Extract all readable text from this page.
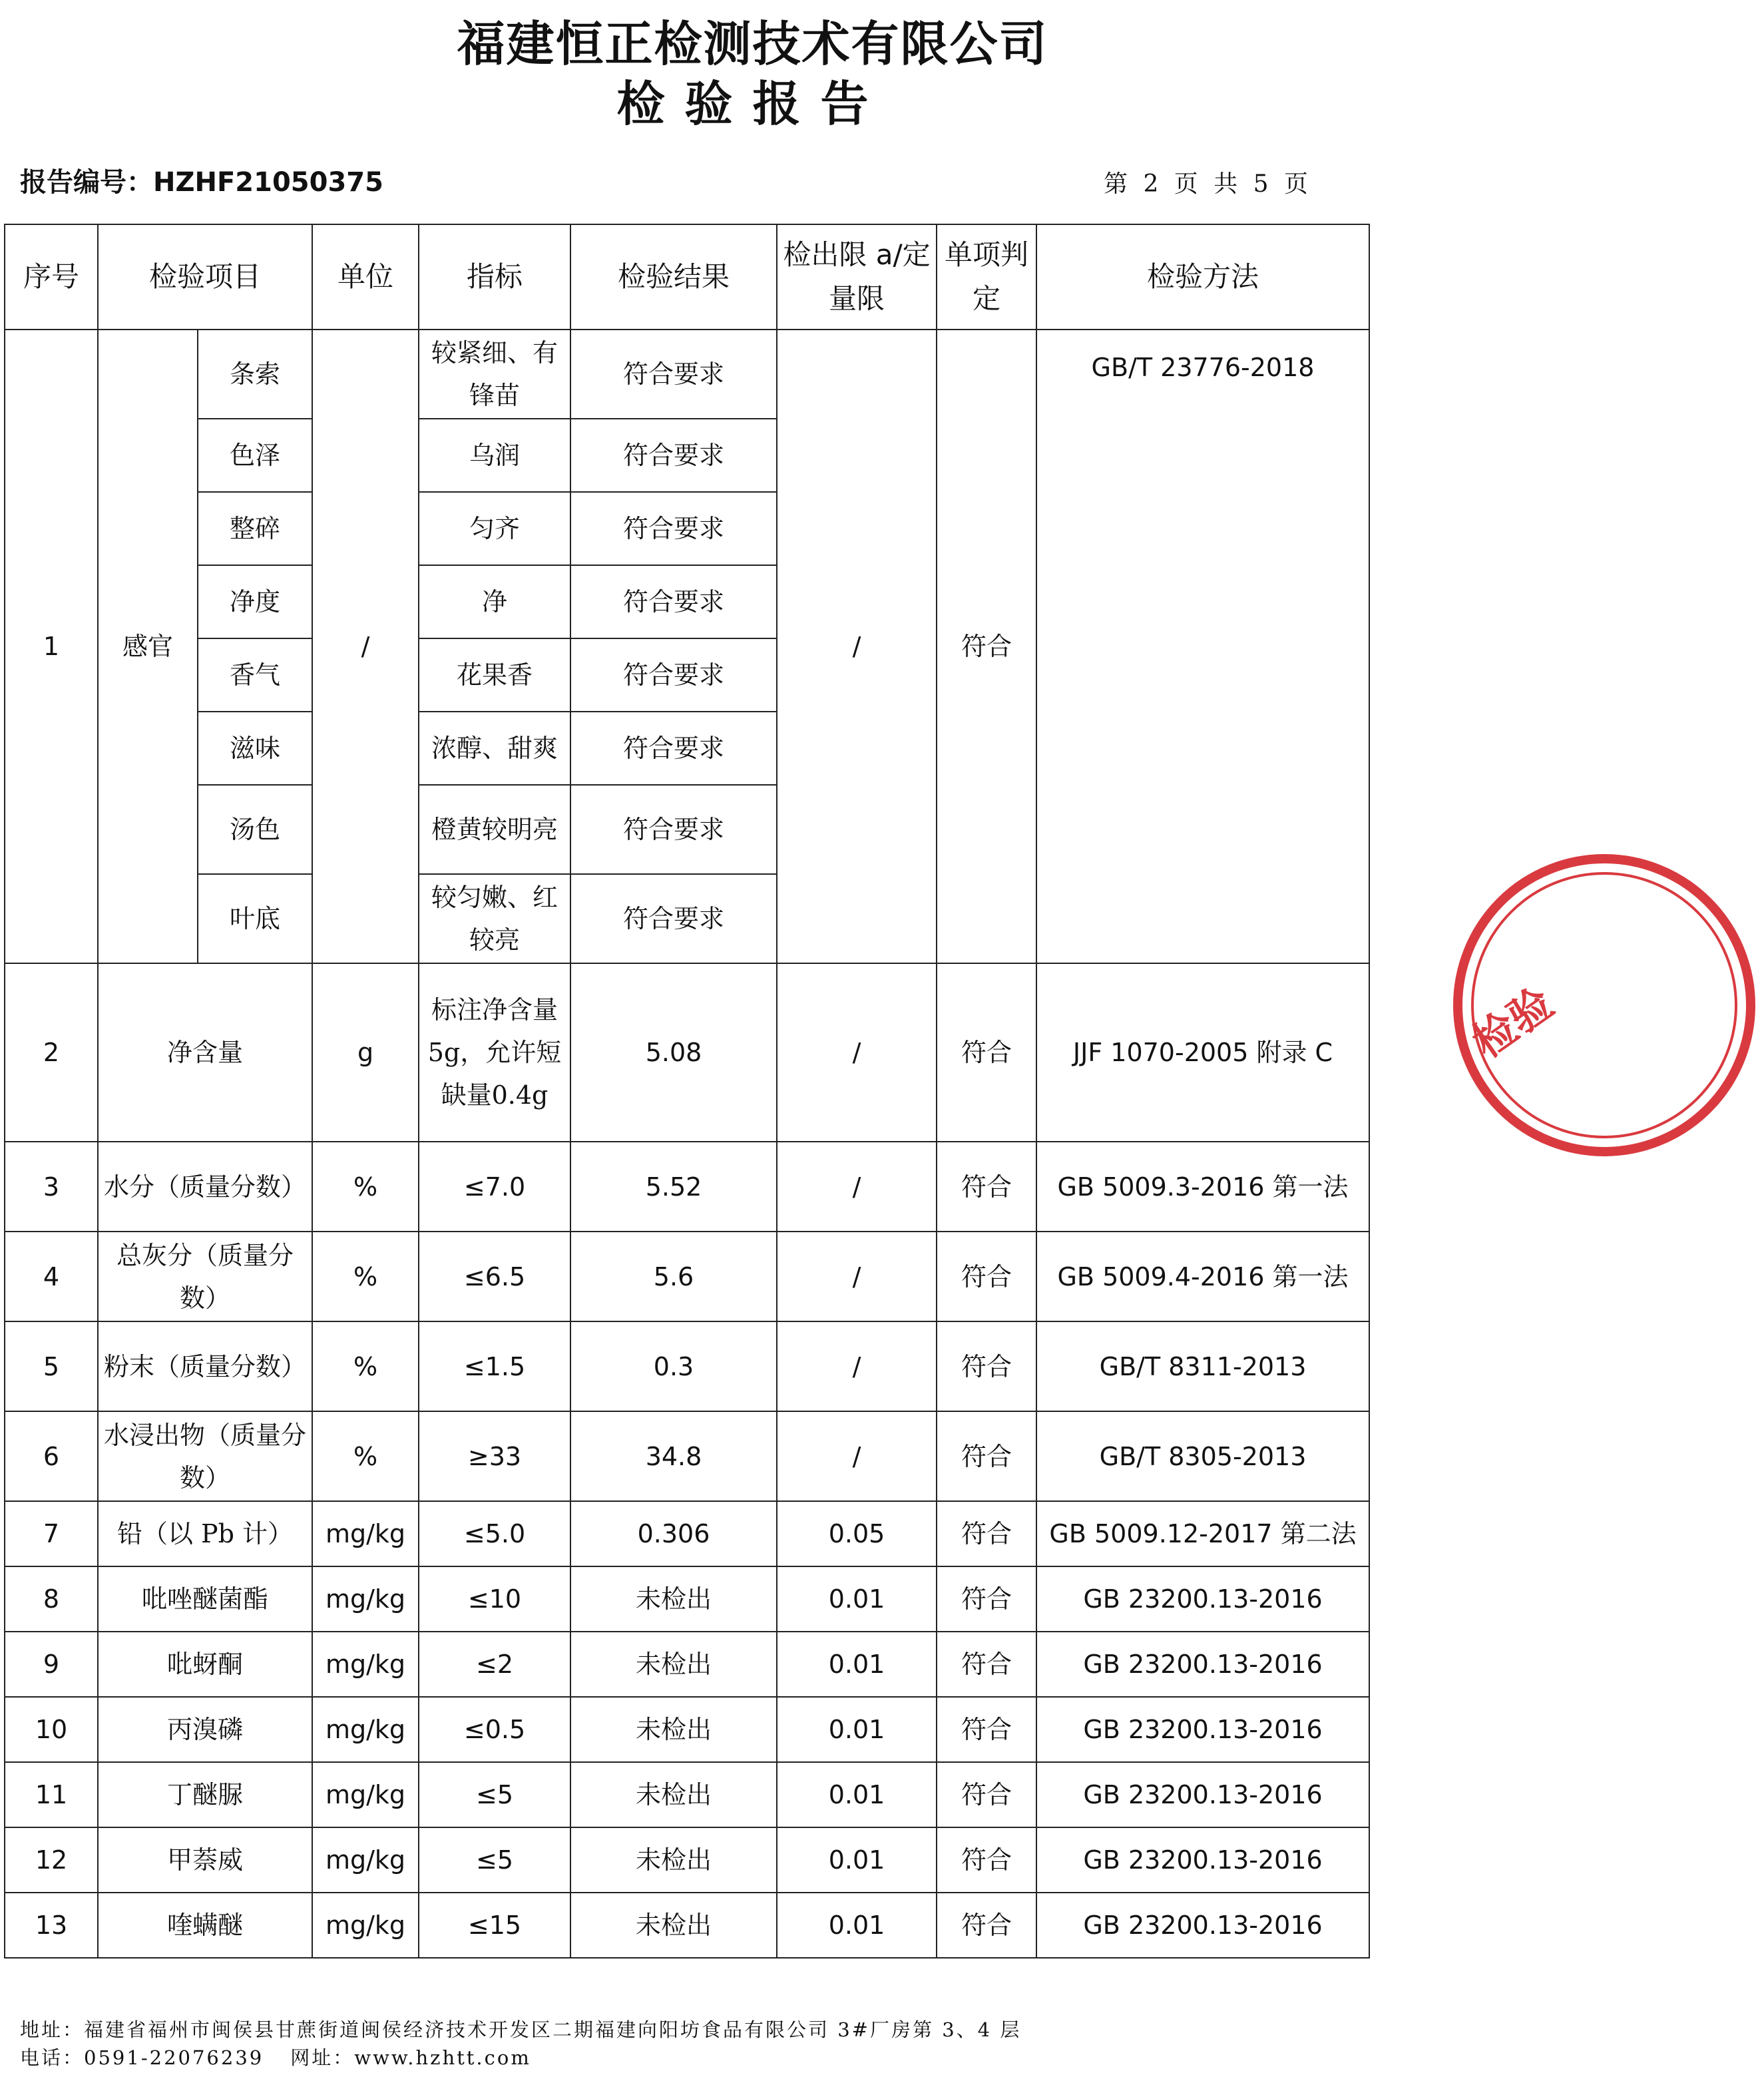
福建恒正检测技术有限公司
检验报告
报告编号：HZHF21050375	第 2 页 共 5 页
序号	检验项目		单位	指标	检验结果	检出限 a/定量限	单项判定	检验方法
1	感官	条索	/	较紧细、有锋苗	符合要求	/	符合	GB/T 23776-2018
		色泽		乌润	符合要求			
		整碎		匀齐	符合要求			
		净度		净	符合要求			
		香气		花果香	符合要求			
		滋味		浓醇、甜爽	符合要求			
		汤色		橙黄较明亮	符合要求			
		叶底		较匀嫩、红较亮	符合要求			
2	净含量		g	标注净含量5g，允许短缺量0.4g	5.08	/	符合	JJF 1070-2005 附录 C
3	水分（质量分数）		%	≤7.0	5.52	/	符合	GB 5009.3-2016 第一法
4	总灰分（质量分数）		%	≤6.5	5.6	/	符合	GB 5009.4-2016 第一法
5	粉末（质量分数）		%	≤1.5	0.3	/	符合	GB/T 8311-2013
6	水浸出物（质量分数）		%	≥33	34.8	/	符合	GB/T 8305-2013
7	铅（以 Pb 计）		mg/kg	≤5.0	0.306	0.05	符合	GB 5009.12-2017 第二法
8	吡唑醚菌酯		mg/kg	≤10	未检出	0.01	符合	GB 23200.13-2016
9	吡蚜酮		mg/kg	≤2	未检出	0.01	符合	GB 23200.13-2016
10	丙溴磷		mg/kg	≤0.5	未检出	0.01	符合	GB 23200.13-2016
11	丁醚脲		mg/kg	≤5	未检出	0.01	符合	GB 23200.13-2016
12	甲萘威		mg/kg	≤5	未检出	0.01	符合	GB 23200.13-2016
13	喹螨醚		mg/kg	≤15	未检出	0.01	符合	GB 23200.13-2016
检验
地址：福建省福州市闽侯县甘蔗街道闽侯经济技术开发区二期福建向阳坊食品有限公司 3#厂房第 3、4 层
电话：0591-22076239 网址：www.hzhtt.com
